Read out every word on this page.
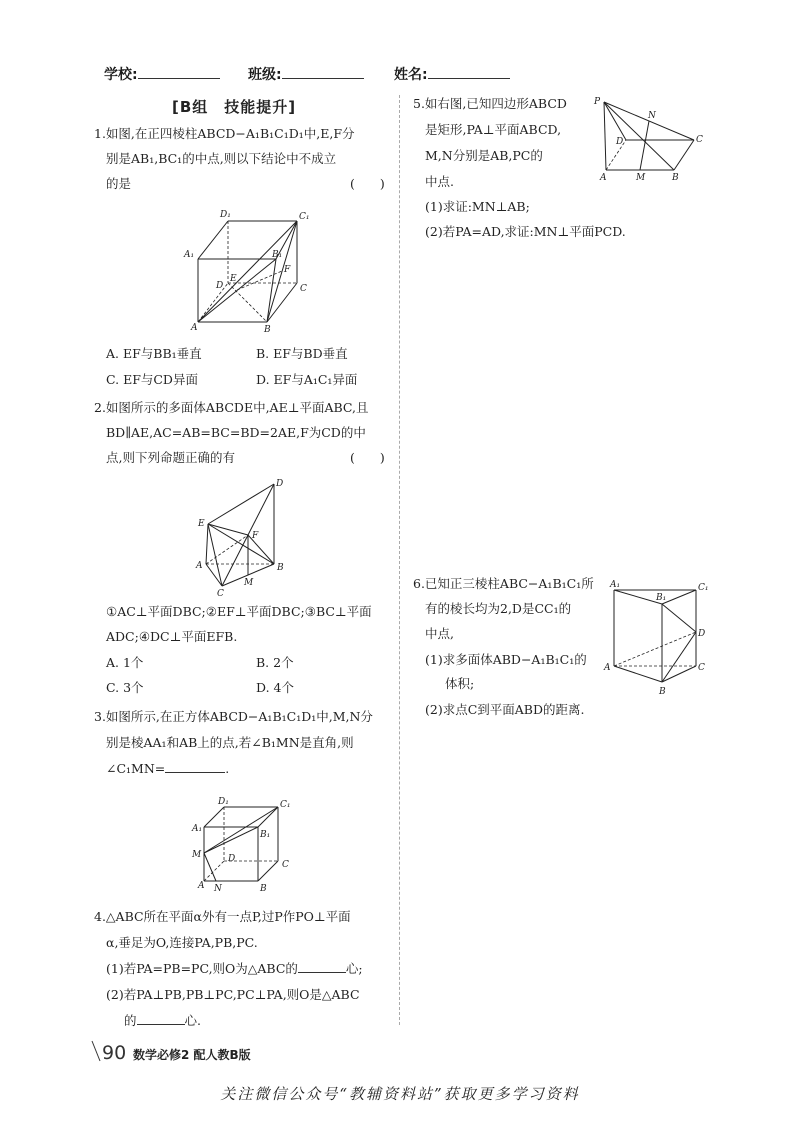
学校:	班级:	姓名:
[B组　技能提升]
1.如图,在正四棱柱ABCD−A₁B₁C₁D₁中,E,F分
别是AB₁,BC₁的中点,则以下结论中不成立
的是	(　　)
D₁	C₁
A₁	B₁
E
F
D	C
A	B
A. EF与BB₁垂直	B. EF与BD垂直
C. EF与CD异面	D. EF与A₁C₁异面
2.如图所示的多面体ABCDE中,AE⊥平面ABC,且
BD∥AE,AC=AB=BC=BD=2AE,F为CD的中
点,则下列命题正确的有	(　　)
D
E
F
A	B
M
C
①AC⊥平面DBC;②EF⊥平面DBC;③BC⊥平面
ADC;④DC⊥平面EFB.
A. 1个	B. 2个
C. 3个	D. 4个
3.如图所示,在正方体ABCD−A₁B₁C₁D₁中,M,N分
别是棱AA₁和AB上的点,若∠B₁MN是直角,则
∠C₁MN=	.
D₁	C₁
A₁
B₁
M	D
C
A N	B
4.△ABC所在平面α外有一点P,过P作PO⊥平面
α,垂足为O,连接PA,PB,PC.
(1)若PA=PB=PC,则O为△ABC的	心;
(2)若PA⊥PB,PB⊥PC,PC⊥PA,则O是△ABC
的	心.
5.如右图,已知四边形ABCD
是矩形,PA⊥平面ABCD,
M,N分别是AB,PC的
中点.
(1)求证:MN⊥AB;
(2)若PA=AD,求证:MN⊥平面PCD.
P
N
D	C
A	M	B
6.已知正三棱柱ABC−A₁B₁C₁所
有的棱长均为2,D是CC₁的
中点,
(1)求多面体ABD−A₁B₁C₁的
体积;
(2)求点C到平面ABD的距离.
A₁	C₁
B₁
D
A	C
B
90 数学必修2 配人教B版
关注微信公众号“教辅资料站”获取更多学习资料
